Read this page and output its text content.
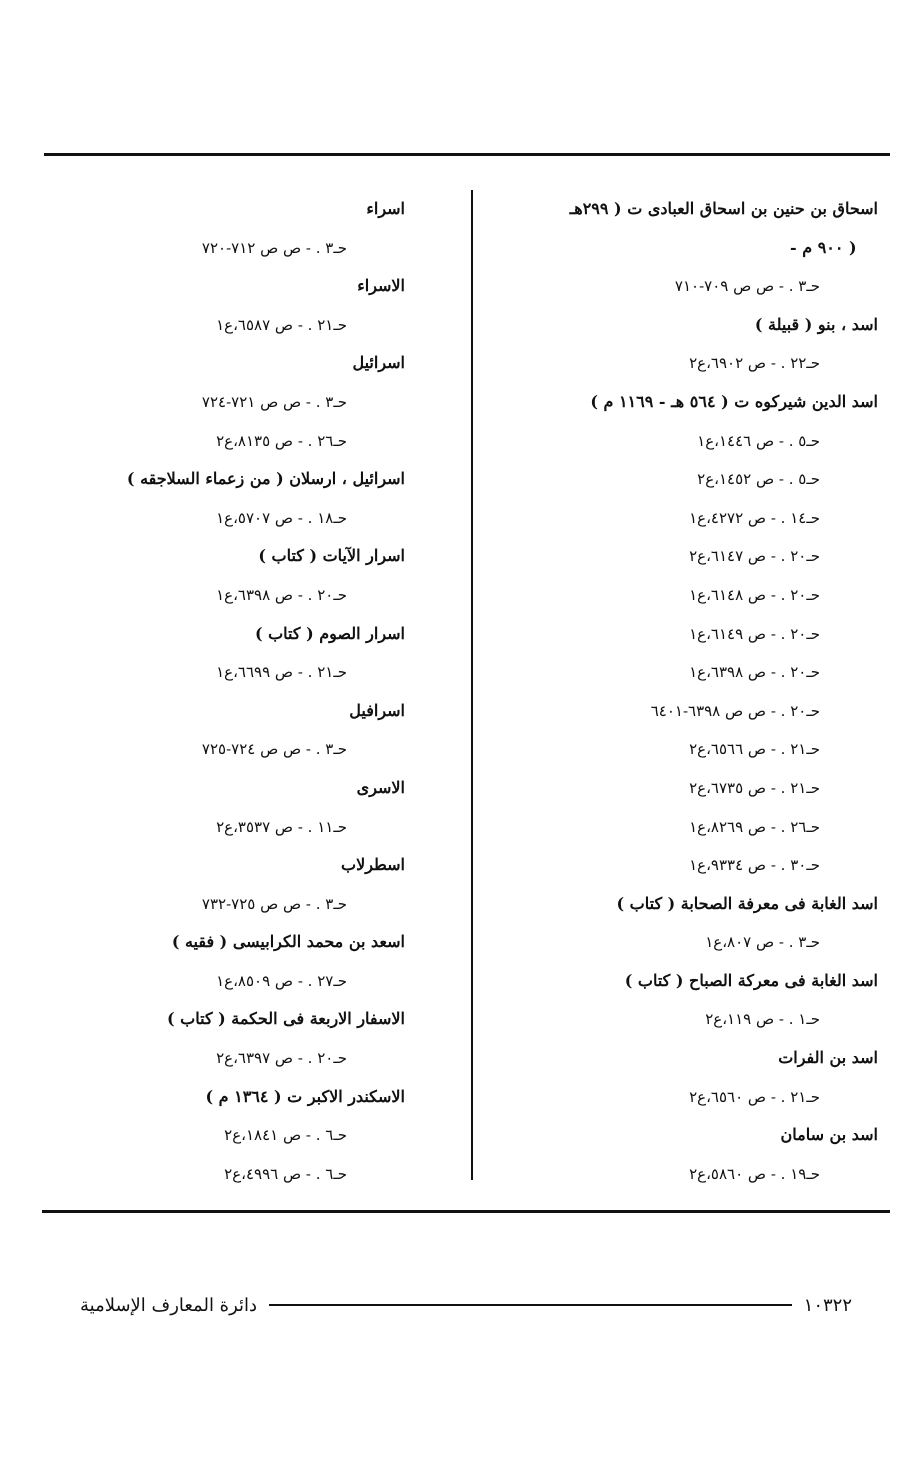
اسحاق بن حنين بن اسحاق العبادى ت ( ٢٩٩هـ
- ٩٠٠ م )
حـ٣ . - ص ص ٧٠٩-٧١٠
اسد ، بنو ( قبيلة )
حـ٢٢ . - ص ٦٩٠٢،ع٢
اسد الدين شيركوه ت ( ٥٦٤ هـ - ١١٦٩ م )
حـ٥ . - ص ١٤٤٦،ع١
حـ٥ . - ص ١٤٥٢،ع٢
حـ١٤ . - ص ٤٢٧٢،ع١
حـ٢٠ . - ص ٦١٤٧،ع٢
حـ٢٠ . - ص ٦١٤٨،ع١
حـ٢٠ . - ص ٦١٤٩،ع١
حـ٢٠ . - ص ٦٣٩٨،ع١
حـ٢٠ . - ص ص ٦٣٩٨-٦٤٠١
حـ٢١ . - ص ٦٥٦٦،ع٢
حـ٢١ . - ص ٦٧٣٥،ع٢
حـ٢٦ . - ص ٨٢٦٩،ع١
حـ٣٠ . - ص ٩٣٣٤،ع١
اسد الغابة فى معرفة الصحابة ( كتاب )
حـ٣ . - ص ٨٠٧،ع١
اسد الغابة فى معركة الصباح ( كتاب )
حـ١ . - ص ١١٩،ع٢
اسد بن الفرات
حـ٢١ . - ص ٦٥٦٠،ع٢
اسد بن سامان
حـ١٩ . - ص ٥٨٦٠،ع٢
اسراء
حـ٣ . - ص ص ٧١٢-٧٢٠
الاسراء
حـ٢١ . - ص ٦٥٨٧،ع١
اسرائيل
حـ٣ . - ص ص ٧٢١-٧٢٤
حـ٢٦ . - ص ٨١٣٥،ع٢
اسرائيل ، ارسلان ( من زعماء السلاجقه )
حـ١٨ . - ص ٥٧٠٧،ع١
اسرار الآيات ( كتاب )
حـ٢٠ . - ص ٦٣٩٨،ع١
اسرار الصوم ( كتاب )
حـ٢١ . - ص ٦٦٩٩،ع١
اسرافيل
حـ٣ . - ص ص ٧٢٤-٧٢٥
الاسرى
حـ١١ . - ص ٣٥٣٧،ع٢
اسطرلاب
حـ٣ . - ص ص ٧٢٥-٧٣٢
اسعد بن محمد الكرابيسى ( فقيه )
حـ٢٧ . - ص ٨٥٠٩،ع١
الاسفار الاربعة فى الحكمة ( كتاب )
حـ٢٠ . - ص ٦٣٩٧،ع٢
الاسكندر الاكبر ت ( ١٣٦٤ م )
حـ٦ . - ص ١٨٤١،ع٢
حـ٦ . - ص ٤٩٩٦،ع٢
١٠٣٢٢
دائرة المعارف الإسلامية
